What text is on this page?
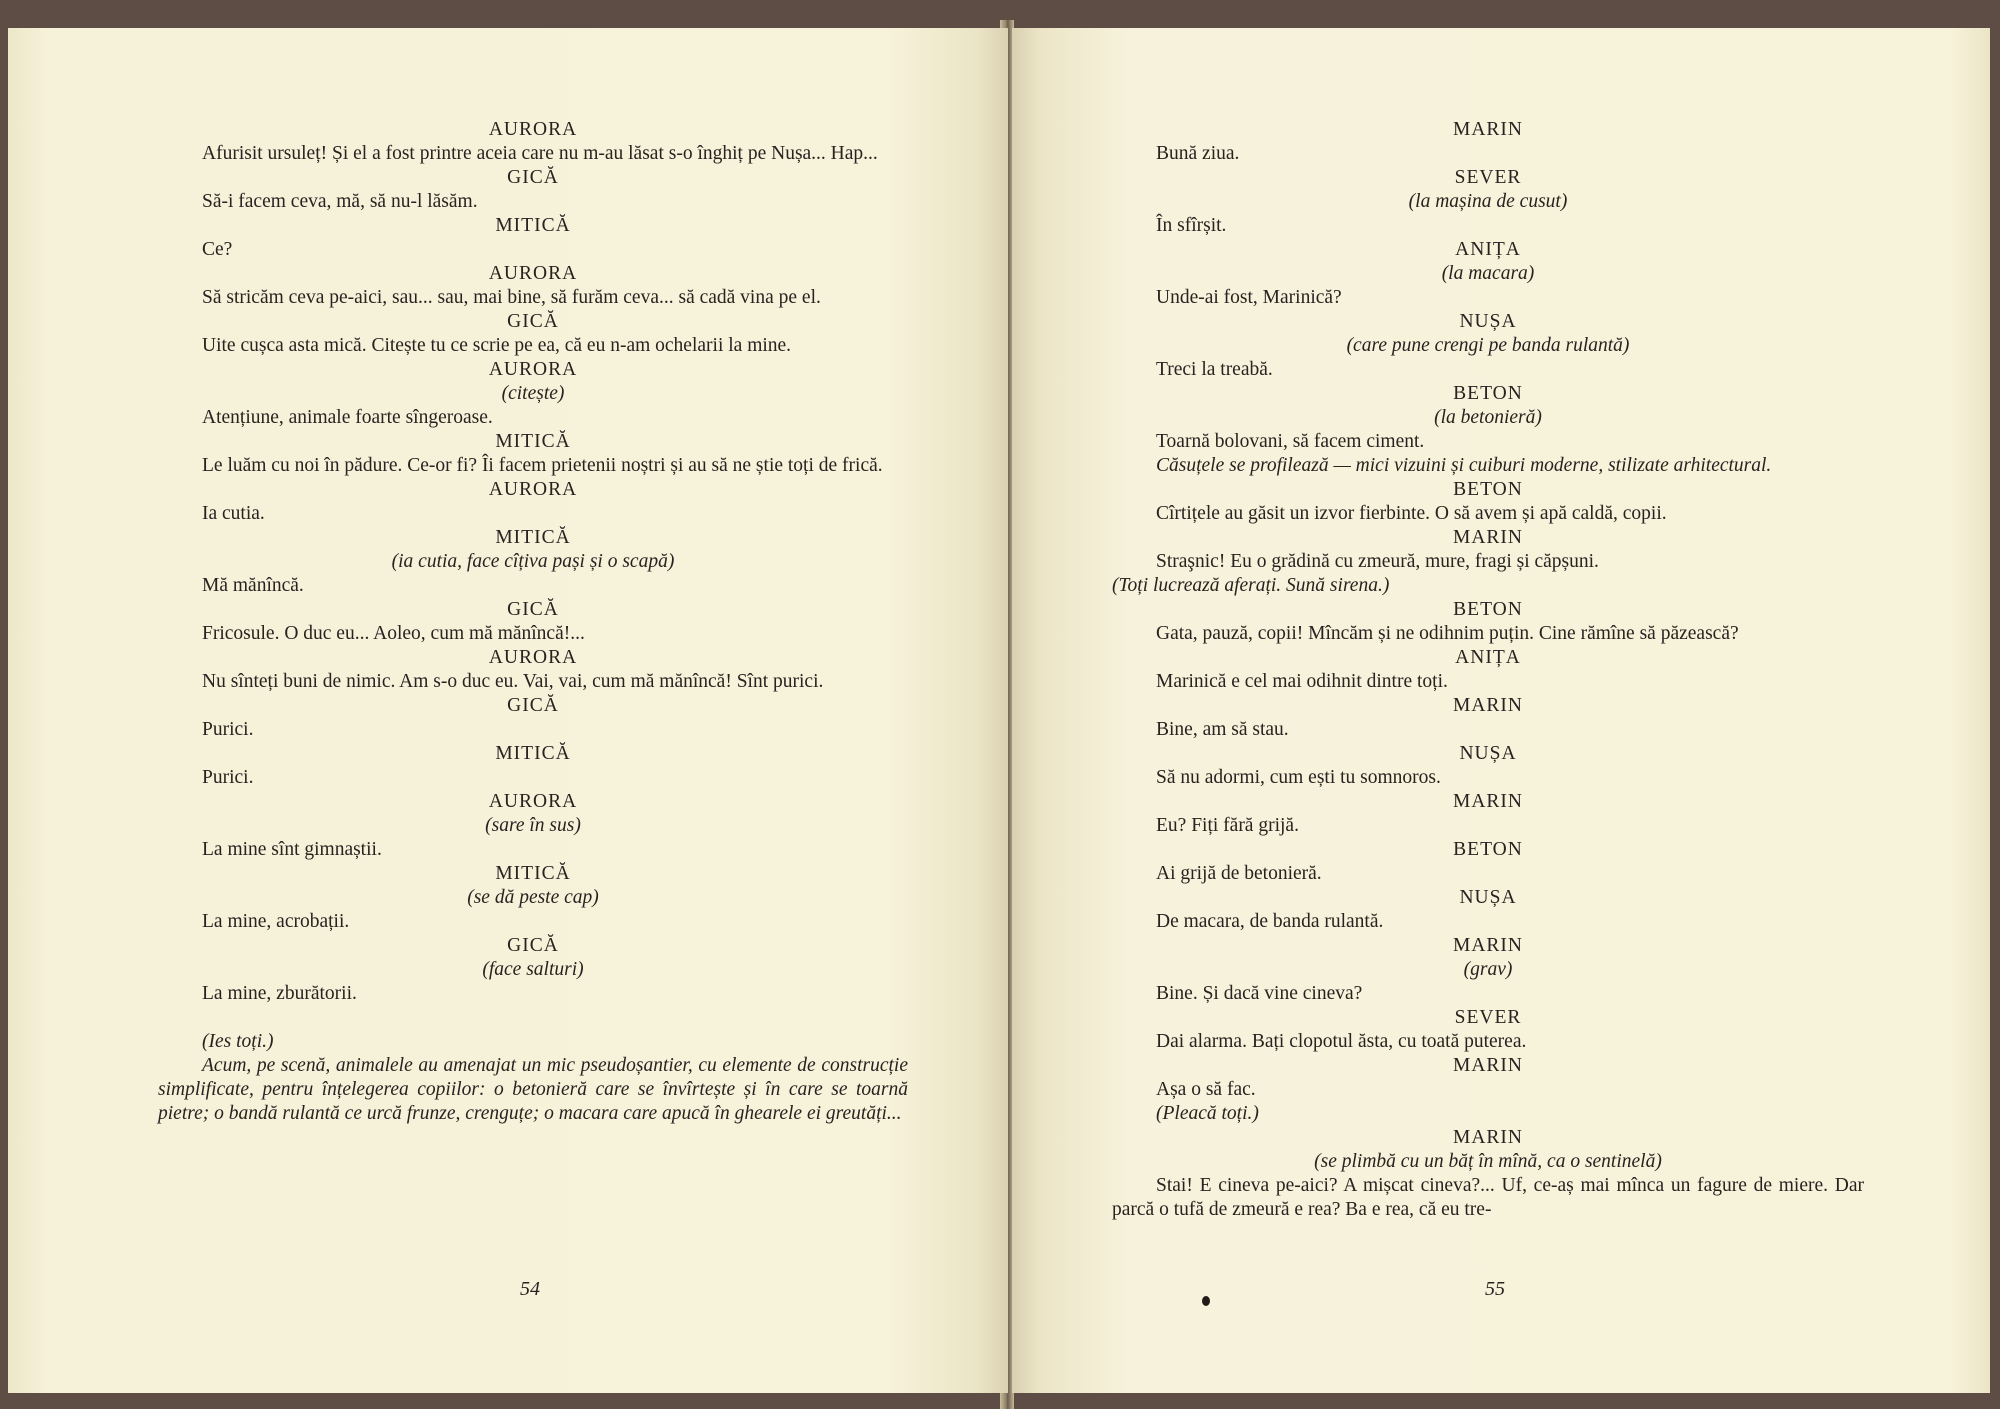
AURORA
Afurisit ursuleț! Și el a fost printre aceia care nu m-au lăsat s-o înghiț pe Nușa... Hap...
GICĂ
Să-i facem ceva, mă, să nu-l lăsăm.
MITICĂ
Ce?
AURORA
Să stricăm ceva pe-aici, sau... sau, mai bine, să furăm ceva... să cadă vina pe el.
GICĂ
Uite cușca asta mică. Citește tu ce scrie pe ea, că eu n-am ochelarii la mine.
AURORA
(citește)
Atențiune, animale foarte sîngeroase.
MITICĂ
Le luăm cu noi în pădure. Ce-or fi? Îi facem prietenii noștri și au să ne știe toți de frică.
AURORA
Ia cutia.
MITICĂ
(ia cutia, face cîțiva pași și o scapă)
Mă mănîncă.
GICĂ
Fricosule. O duc eu... Aoleo, cum mă mănîncă!...
AURORA
Nu sînteți buni de nimic. Am s-o duc eu. Vai, vai, cum mă mănîncă! Sînt purici.
GICĂ
Purici.
MITICĂ
Purici.
AURORA
(sare în sus)
La mine sînt gimnaștii.
MITICĂ
(se dă peste cap)
La mine, acrobații.
GICĂ
(face salturi)
La mine, zburătorii.
(Ies toți.)
Acum, pe scenă, animalele au amenajat un mic pseudoșantier, cu elemente de construcție simplificate, pentru înțelegerea copiilor: o betonieră care se învîrtește și în care se toarnă pietre; o bandă rulantă ce urcă frunze, crenguțe; o macara care apucă în ghearele ei greutăți...
54
MARIN
Bună ziua.
SEVER
(la mașina de cusut)
În sfîrșit.
ANIȚA
(la macara)
Unde-ai fost, Marinică?
NUȘA
(care pune crengi pe banda rulantă)
Treci la treabă.
BETON
(la betonieră)
Toarnă bolovani, să facem ciment.
Căsuțele se profilează — mici vizuini și cuiburi moderne, stilizate arhitectural.
BETON
Cîrtițele au găsit un izvor fierbinte. O să avem și apă caldă, copii.
MARIN
Straşnic! Eu o grădină cu zmeură, mure, fragi și căpșuni.
(Toți lucrează aferați. Sună sirena.)
BETON
Gata, pauză, copii! Mîncăm și ne odihnim puțin. Cine rămîne să păzească?
ANIȚA
Marinică e cel mai odihnit dintre toți.
MARIN
Bine, am să stau.
NUȘA
Să nu adormi, cum ești tu somnoros.
MARIN
Eu? Fiți fără grijă.
BETON
Ai grijă de betonieră.
NUȘA
De macara, de banda rulantă.
MARIN
(grav)
Bine. Și dacă vine cineva?
SEVER
Dai alarma. Bați clopotul ăsta, cu toată puterea.
MARIN
Așa o să fac.
(Pleacă toți.)
MARIN
(se plimbă cu un băț în mînă, ca o sentinelă)
Stai! E cineva pe-aici? A mișcat cineva?... Uf, ce-aș mai mînca un fagure de miere. Dar parcă o tufă de zmeură e rea? Ba e rea, că eu tre-
55
